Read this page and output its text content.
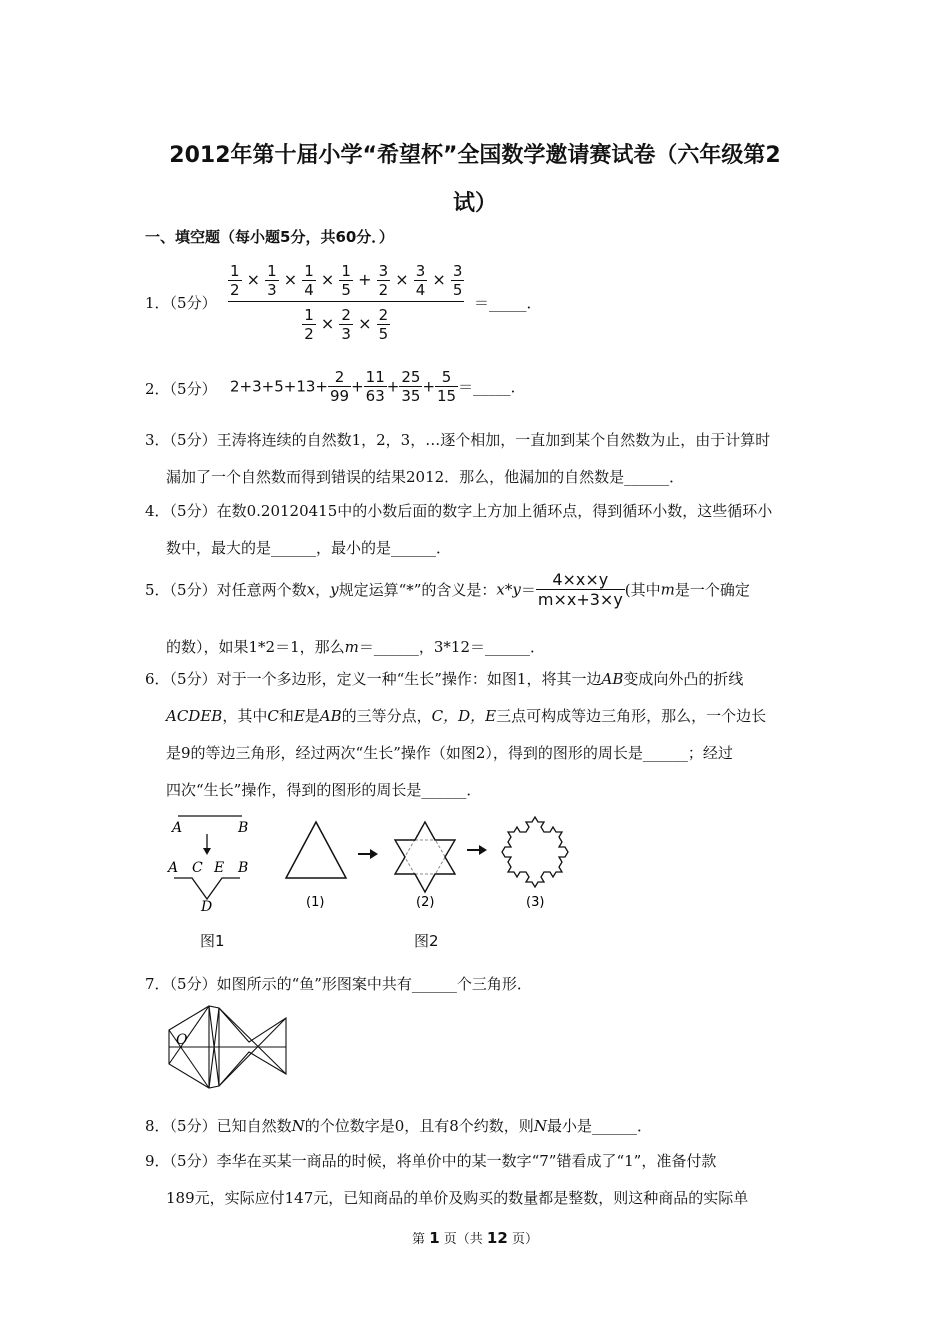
2012年第十届小学“希望杯”全国数学邀请赛试卷（六年级第2
试）
一、填空题（每小题5分，共60分．）
1．（5分）
$\frac{1}{2} \times \frac{1}{3} \times \frac{1}{4} \times \frac{1}{5} + \frac{3}{2} \times \frac{3}{4} \times \frac{3}{5}$
$\frac{1}{2} \times \frac{2}{3} \times \frac{2}{5}$
＝_____．
2．（5分） $2+3+5+13+ \frac{2}{99} + \frac{11}{63} + \frac{25}{35} + \frac{5}{15}$ ＝_____．
3．（5分）王涛将连续的自然数1，2，3，…逐个相加，一直加到某个自然数为止，由于计算时
漏加了一个自然数而得到错误的结果2012．那么，他漏加的自然数是______．
4．（5分）在数0.20120415中的小数后面的数字上方加上循环点，得到循环小数，这些循环小
数中，最大的是______，最小的是______．
5．（5分）对任意两个数x，y规定运算“*”的含义是：$x*y= \frac{4\times x\times y}{m\times x+3\times y}$ (其中m是一个确定
的数），如果1*2＝1，那么m＝______，3*12＝______．
6．（5分）对于一个多边形，定义一种“生长”操作：如图1，将其一边AB变成向外凸的折线
ACDEB，其中C和E是AB的三等分点，C，D，E三点可构成等边三角形，那么，一个边长
是9的等边三角形，经过两次“生长”操作（如图2），得到的图形的周长是______；经过
四次“生长”操作，得到的图形的周长是______．
A	B
A C E B
D
图1
(1)	(2)	(3)
图2
7．（5分）如图所示的“鱼”形图案中共有______个三角形．
O
8．（5分）已知自然数N的个位数字是0，且有8个约数，则N最小是______．
9．（5分）李华在买某一商品的时候，将单价中的某一数字“7”错看成了“1”，准备付款
189元，实际应付147元，已知商品的单价及购买的数量都是整数，则这种商品的实际单
第 1 页（共 12 页）
